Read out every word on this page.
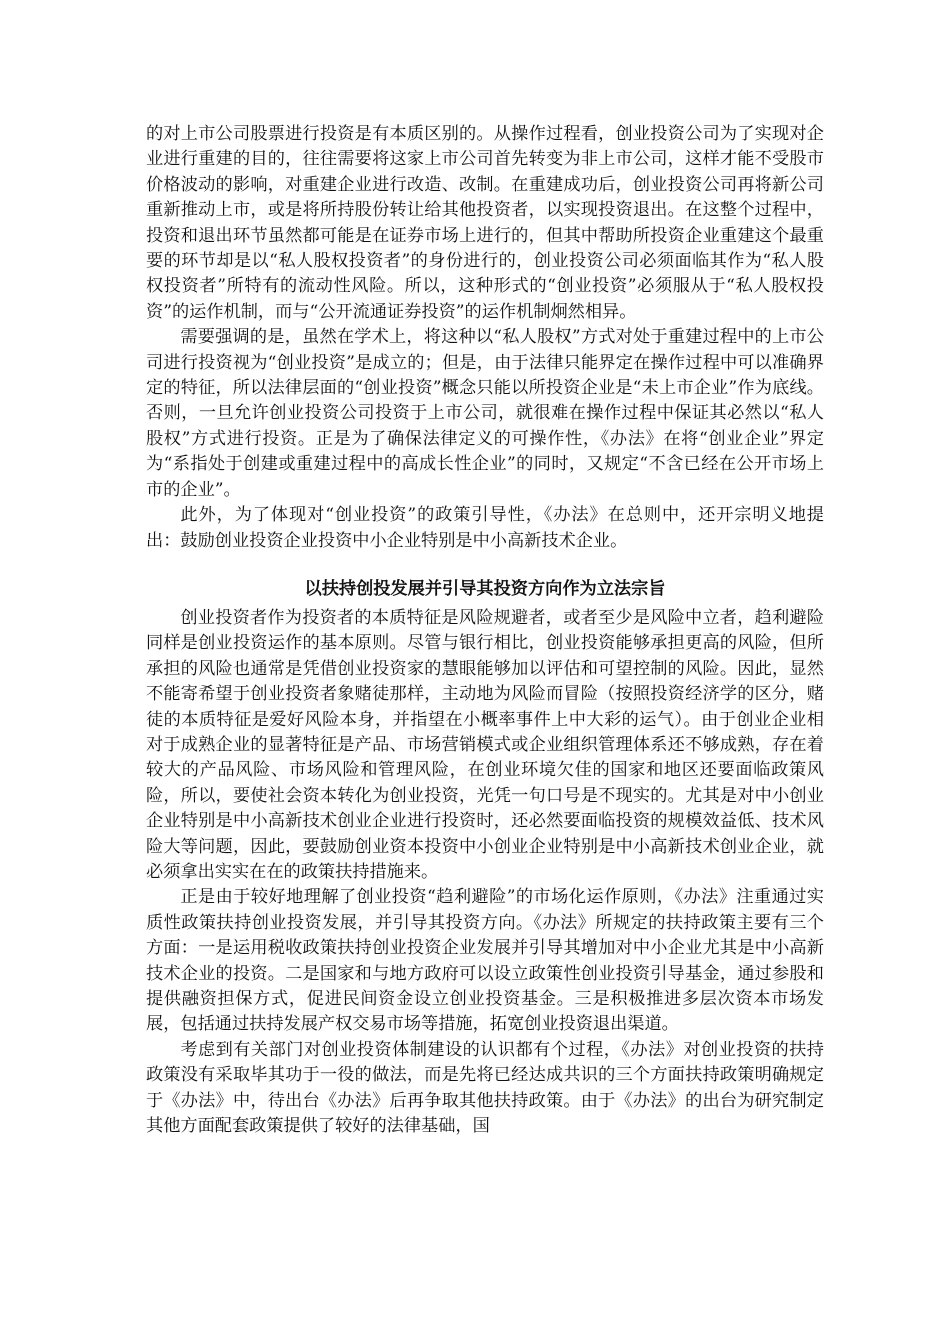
的对上市公司股票进行投资是有本质区别的。从操作过程看，创业投资公司为了实现对企业进行重建的目的，往往需要将这家上市公司首先转变为非上市公司，这样才能不受股市价格波动的影响，对重建企业进行改造、改制。在重建成功后，创业投资公司再将新公司重新推动上市，或是将所持股份转让给其他投资者，以实现投资退出。在这整个过程中，投资和退出环节虽然都可能是在证券市场上进行的，但其中帮助所投资企业重建这个最重要的环节却是以“私人股权投资者”的身份进行的，创业投资公司必须面临其作为“私人股权投资者”所特有的流动性风险。所以，这种形式的“创业投资”必须服从于“私人股权投资”的运作机制，而与“公开流通证券投资”的运作机制炯然相异。

需要强调的是，虽然在学术上，将这种以“私人股权”方式对处于重建过程中的上市公司进行投资视为“创业投资”是成立的；但是，由于法律只能界定在操作过程中可以准确界定的特征，所以法律层面的“创业投资”概念只能以所投资企业是“未上市企业”作为底线。否则，一旦允许创业投资公司投资于上市公司，就很难在操作过程中保证其必然以“私人股权”方式进行投资。正是为了确保法律定义的可操作性，《办法》在将“创业企业”界定为“系指处于创建或重建过程中的高成长性企业”的同时，又规定“不含已经在公开市场上市的企业”。

此外，为了体现对“创业投资”的政策引导性，《办法》在总则中，还开宗明义地提出：鼓励创业投资企业投资中小企业特别是中小高新技术企业。

以扶持创投发展并引导其投资方向作为立法宗旨

创业投资者作为投资者的本质特征是风险规避者，或者至少是风险中立者，趋利避险同样是创业投资运作的基本原则。尽管与银行相比，创业投资能够承担更高的风险，但所承担的风险也通常是凭借创业投资家的慧眼能够加以评估和可望控制的风险。因此，显然不能寄希望于创业投资者象赌徒那样，主动地为风险而冒险（按照投资经济学的区分，赌徒的本质特征是爱好风险本身，并指望在小概率事件上中大彩的运气）。由于创业企业相对于成熟企业的显著特征是产品、市场营销模式或企业组织管理体系还不够成熟，存在着较大的产品风险、市场风险和管理风险，在创业环境欠佳的国家和地区还要面临政策风险，所以，要使社会资本转化为创业投资，光凭一句口号是不现实的。尤其是对中小创业企业特别是中小高新技术创业企业进行投资时，还必然要面临投资的规模效益低、技术风险大等问题，因此，要鼓励创业资本投资中小创业企业特别是中小高新技术创业企业，就必须拿出实实在在的政策扶持措施来。

正是由于较好地理解了创业投资“趋利避险”的市场化运作原则，《办法》注重通过实质性政策扶持创业投资发展，并引导其投资方向。《办法》所规定的扶持政策主要有三个方面：一是运用税收政策扶持创业投资企业发展并引导其增加对中小企业尤其是中小高新技术企业的投资。二是国家和与地方政府可以设立政策性创业投资引导基金，通过参股和提供融资担保方式，促进民间资金设立创业投资基金。三是积极推进多层次资本市场发展，包括通过扶持发展产权交易市场等措施，拓宽创业投资退出渠道。

考虑到有关部门对创业投资体制建设的认识都有个过程，《办法》对创业投资的扶持政策没有采取毕其功于一役的做法，而是先将已经达成共识的三个方面扶持政策明确规定于《办法》中，待出台《办法》后再争取其他扶持政策。由于《办法》的出台为研究制定其他方面配套政策提供了较好的法律基础，国
